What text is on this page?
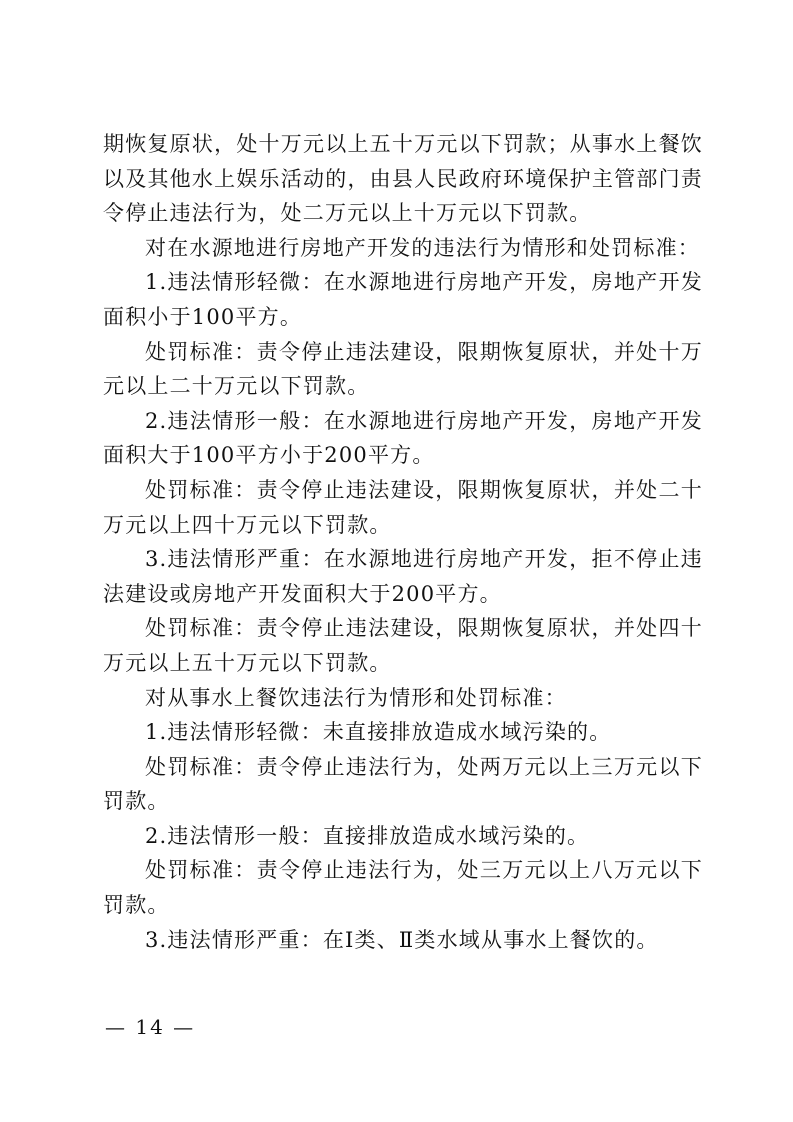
期恢复原状，处十万元以上五十万元以下罚款；从事水上餐饮以及其他水上娱乐活动的，由县人民政府环境保护主管部门责令停止违法行为，处二万元以上十万元以下罚款。

对在水源地进行房地产开发的违法行为情形和处罚标准：

1.违法情形轻微：在水源地进行房地产开发，房地产开发面积小于100平方。

处罚标准：责令停止违法建设，限期恢复原状，并处十万元以上二十万元以下罚款。

2.违法情形一般：在水源地进行房地产开发，房地产开发面积大于100平方小于200平方。

处罚标准：责令停止违法建设，限期恢复原状，并处二十万元以上四十万元以下罚款。

3.违法情形严重：在水源地进行房地产开发，拒不停止违法建设或房地产开发面积大于200平方。

处罚标准：责令停止违法建设，限期恢复原状，并处四十万元以上五十万元以下罚款。

对从事水上餐饮违法行为情形和处罚标准：

1.违法情形轻微：未直接排放造成水域污染的。

处罚标准：责令停止违法行为，处两万元以上三万元以下罚款。

2.违法情形一般：直接排放造成水域污染的。

处罚标准：责令停止违法行为，处三万元以上八万元以下罚款。

3.违法情形严重：在Ⅰ类、Ⅱ类水域从事水上餐饮的。

— 14 —
